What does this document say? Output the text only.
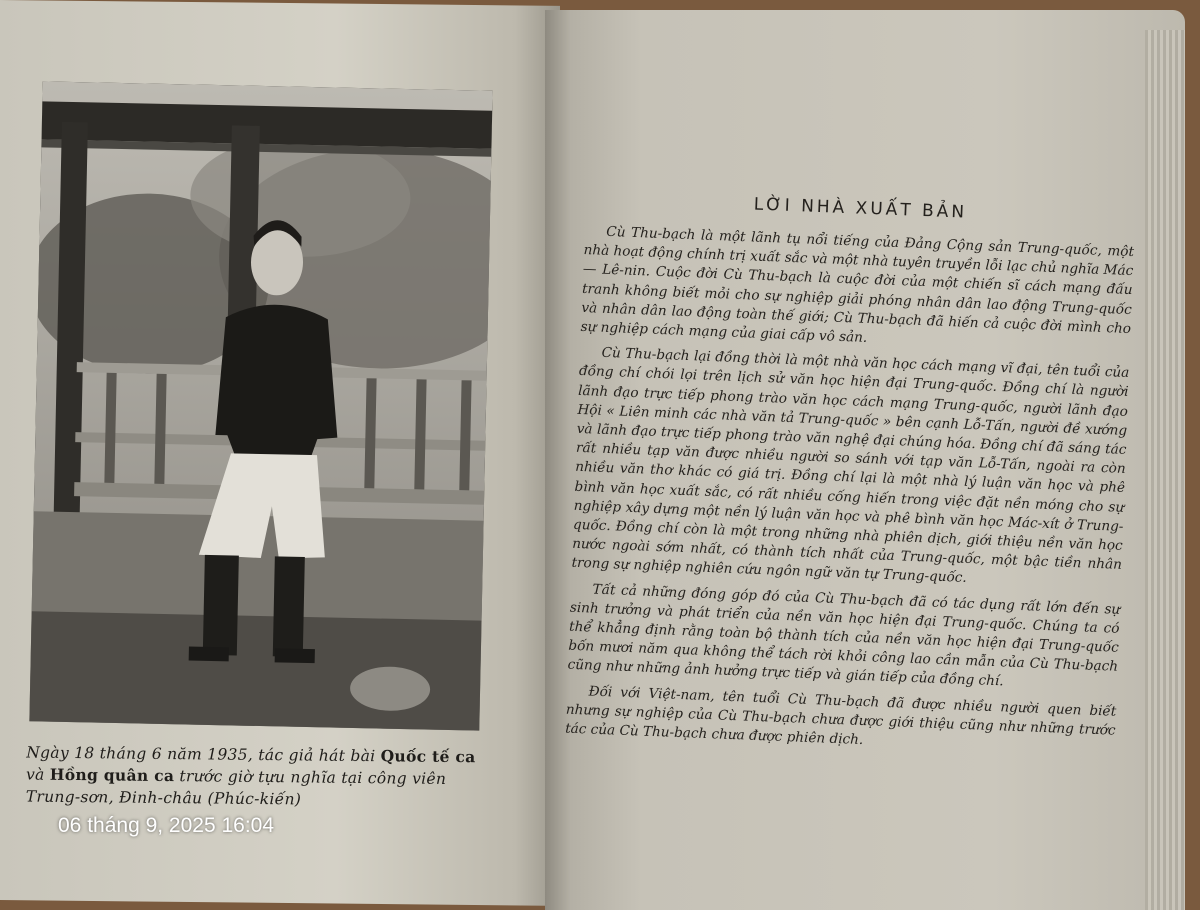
Ngày 18 tháng 6 năm 1935, tác giả hát bài Quốc tế ca và Hồng quân ca trước giờ tựu nghĩa tại công viên Trung-sơn, Đinh-châu (Phúc-kiến)
06 tháng 9, 2025 16:04
LỜI NHÀ XUẤT BẢN

Cù Thu-bạch là một lãnh tụ nổi tiếng của Đảng Cộng sản Trung-quốc, một nhà hoạt động chính trị xuất sắc và một nhà tuyên truyền lỗi lạc chủ nghĩa Mác — Lê-nin. Cuộc đời Cù Thu-bạch là cuộc đời của một chiến sĩ cách mạng đấu tranh không biết mỏi cho sự nghiệp giải phóng nhân dân lao động Trung-quốc và nhân dân lao động toàn thế giới; Cù Thu-bạch đã hiến cả cuộc đời mình cho sự nghiệp cách mạng của giai cấp vô sản.

Cù Thu-bạch lại đồng thời là một nhà văn học cách mạng vĩ đại, tên tuổi của đồng chí chói lọi trên lịch sử văn học hiện đại Trung-quốc. Đồng chí là người lãnh đạo trực tiếp phong trào văn học cách mạng Trung-quốc, người lãnh đạo Hội « Liên minh các nhà văn tả Trung-quốc » bên cạnh Lỗ-Tấn, người đề xướng và lãnh đạo trực tiếp phong trào văn nghệ đại chúng hóa. Đồng chí đã sáng tác rất nhiều tạp văn được nhiều người so sánh với tạp văn Lỗ-Tấn, ngoài ra còn nhiều văn thơ khác có giá trị. Đồng chí lại là một nhà lý luận văn học và phê bình văn học xuất sắc, có rất nhiều cống hiến trong việc đặt nền móng cho sự nghiệp xây dựng một nền lý luận văn học và phê bình văn học Mác-xít ở Trung-quốc. Đồng chí còn là một trong những nhà phiên dịch, giới thiệu nền văn học nước ngoài sớm nhất, có thành tích nhất của Trung-quốc, một bậc tiền nhân trong sự nghiệp nghiên cứu ngôn ngữ văn tự Trung-quốc.

Tất cả những đóng góp đó của Cù Thu-bạch đã có tác dụng rất lớn đến sự sinh trưởng và phát triển của nền văn học hiện đại Trung-quốc. Chúng ta có thể khẳng định rằng toàn bộ thành tích của nền văn học hiện đại Trung-quốc bốn mươi năm qua không thể tách rời khỏi công lao cần mẫn của Cù Thu-bạch cũng như những ảnh hưởng trực tiếp và gián tiếp của đồng chí.

Đối với Việt-nam, tên tuổi Cù Thu-bạch đã được nhiều người quen biết nhưng sự nghiệp của Cù Thu-bạch chưa được giới thiệu cũng như những trước tác của Cù Thu-bạch chưa được phiên dịch.
